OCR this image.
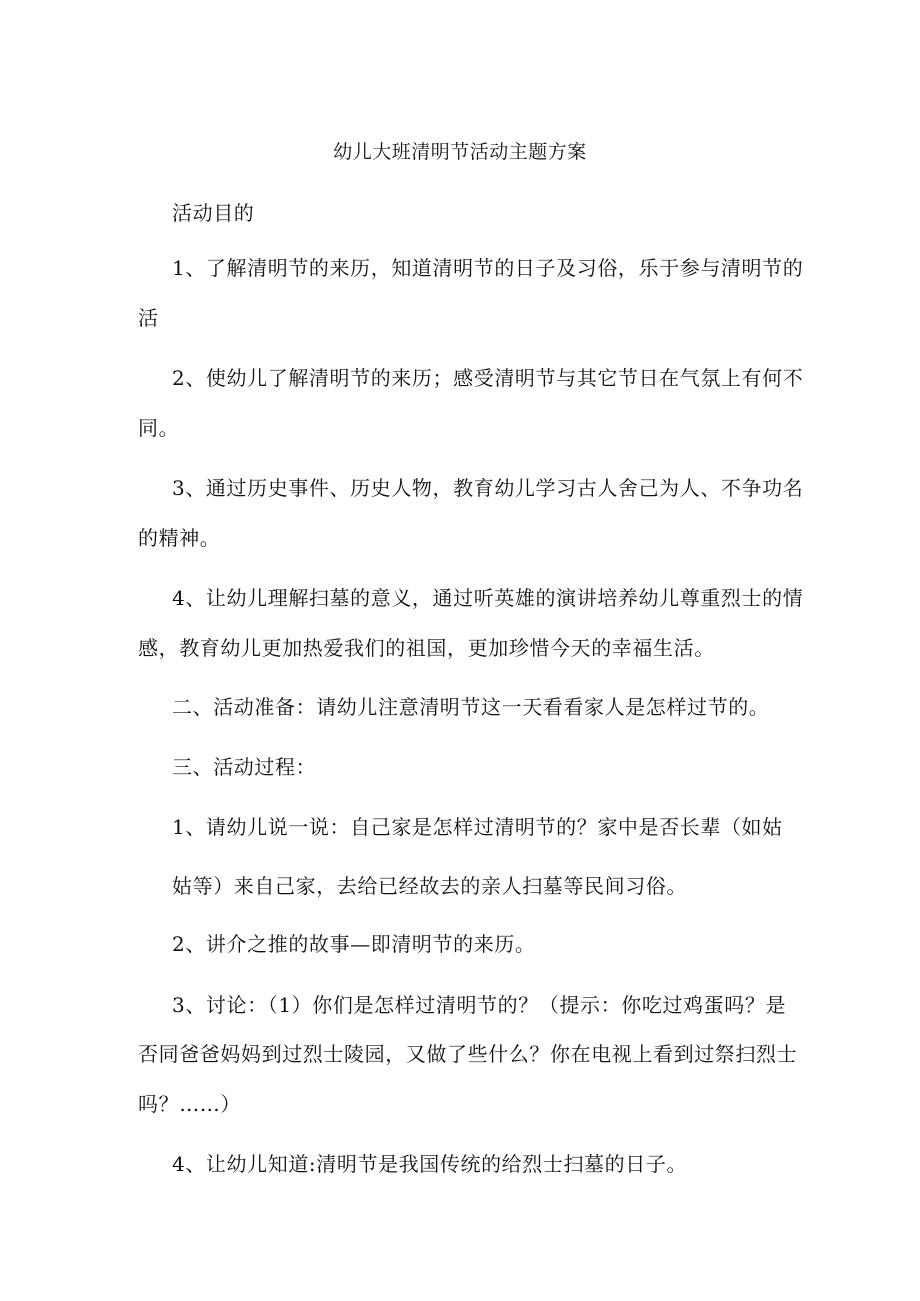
幼儿大班清明节活动主题方案
活动目的
1、了解清明节的来历，知道清明节的日子及习俗，乐于参与清明节的
活
2、使幼儿了解清明节的来历；感受清明节与其它节日在气氛上有何不
同。
3、通过历史事件、历史人物，教育幼儿学习古人舍己为人、不争功名
的精神。
4、让幼儿理解扫墓的意义，通过听英雄的演讲培养幼儿尊重烈士的情
感，教育幼儿更加热爱我们的祖国，更加珍惜今天的幸福生活。
二、活动准备：请幼儿注意清明节这一天看看家人是怎样过节的。
三、活动过程：
1、请幼儿说一说：自己家是怎样过清明节的？家中是否长辈（如姑
姑等）来自己家，去给已经故去的亲人扫墓等民间习俗。
2、讲介之推的故事—即清明节的来历。
3、讨论：（1）你们是怎样过清明节的？（提示：你吃过鸡蛋吗？是
否同爸爸妈妈到过烈士陵园，又做了些什么？你在电视上看到过祭扫烈士
吗？……）
4、让幼儿知道:清明节是我国传统的给烈士扫墓的日子。
